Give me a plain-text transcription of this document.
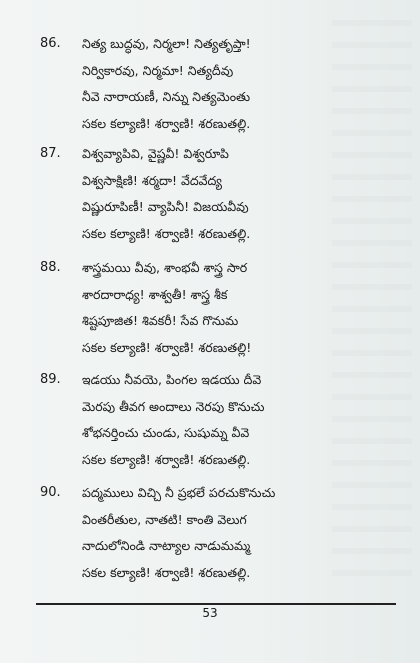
86.	నిత్య బుద్ధవు, నిర్మలా! నిత్యతృప్తా!
నిర్వికారవు, నిర్మమా! నిత్యదీవు
నీవె నారాయణీ, నిన్ను నిత్యమెంతు
సకల కల్యాణి! శర్వాణి! శరణుతల్లి.
87.	విశ్వవ్యాపివి, వైష్ణవీ! విశ్వరూపి
విశ్వసాక్షిణి! శర్మదా! వేదవేద్య
విష్ణురూపిణీ! వ్యాపినీ! విజయవీవు
సకల కల్యాణి! శర్వాణి! శరణుతల్లి.
88.	శాస్త్రమయి వీవు, శాంభవీ శాస్త్ర సార
శారదారాధ్య! శాశ్వతీ! శాస్త్ర శీక
శిష్టపూజిత! శివకరీ! సేవ గొనుమ
సకల కల్యాణి! శర్వాణి! శరణుతల్లి!
89.	ఇడయు నీవయె, పింగల ఇడయు దీవె
మెరపు తీవగ అందాలు నెరపు కొనుచు
శోభనర్తించు చుండు, సుషుమ్న వీవె
సకల కల్యాణి! శర్వాణి! శరణుతల్లి.
90.	పద్మములు విచ్చి నీ ప్రభలే పరచుకొనుచు
వింతరీతుల, నాతటి! కాంతి వెలుగ
నాదులోనిండి నాట్యాల నాడుమమ్మ
సకల కల్యాణి! శర్వాణి! శరణుతల్లి.
53
